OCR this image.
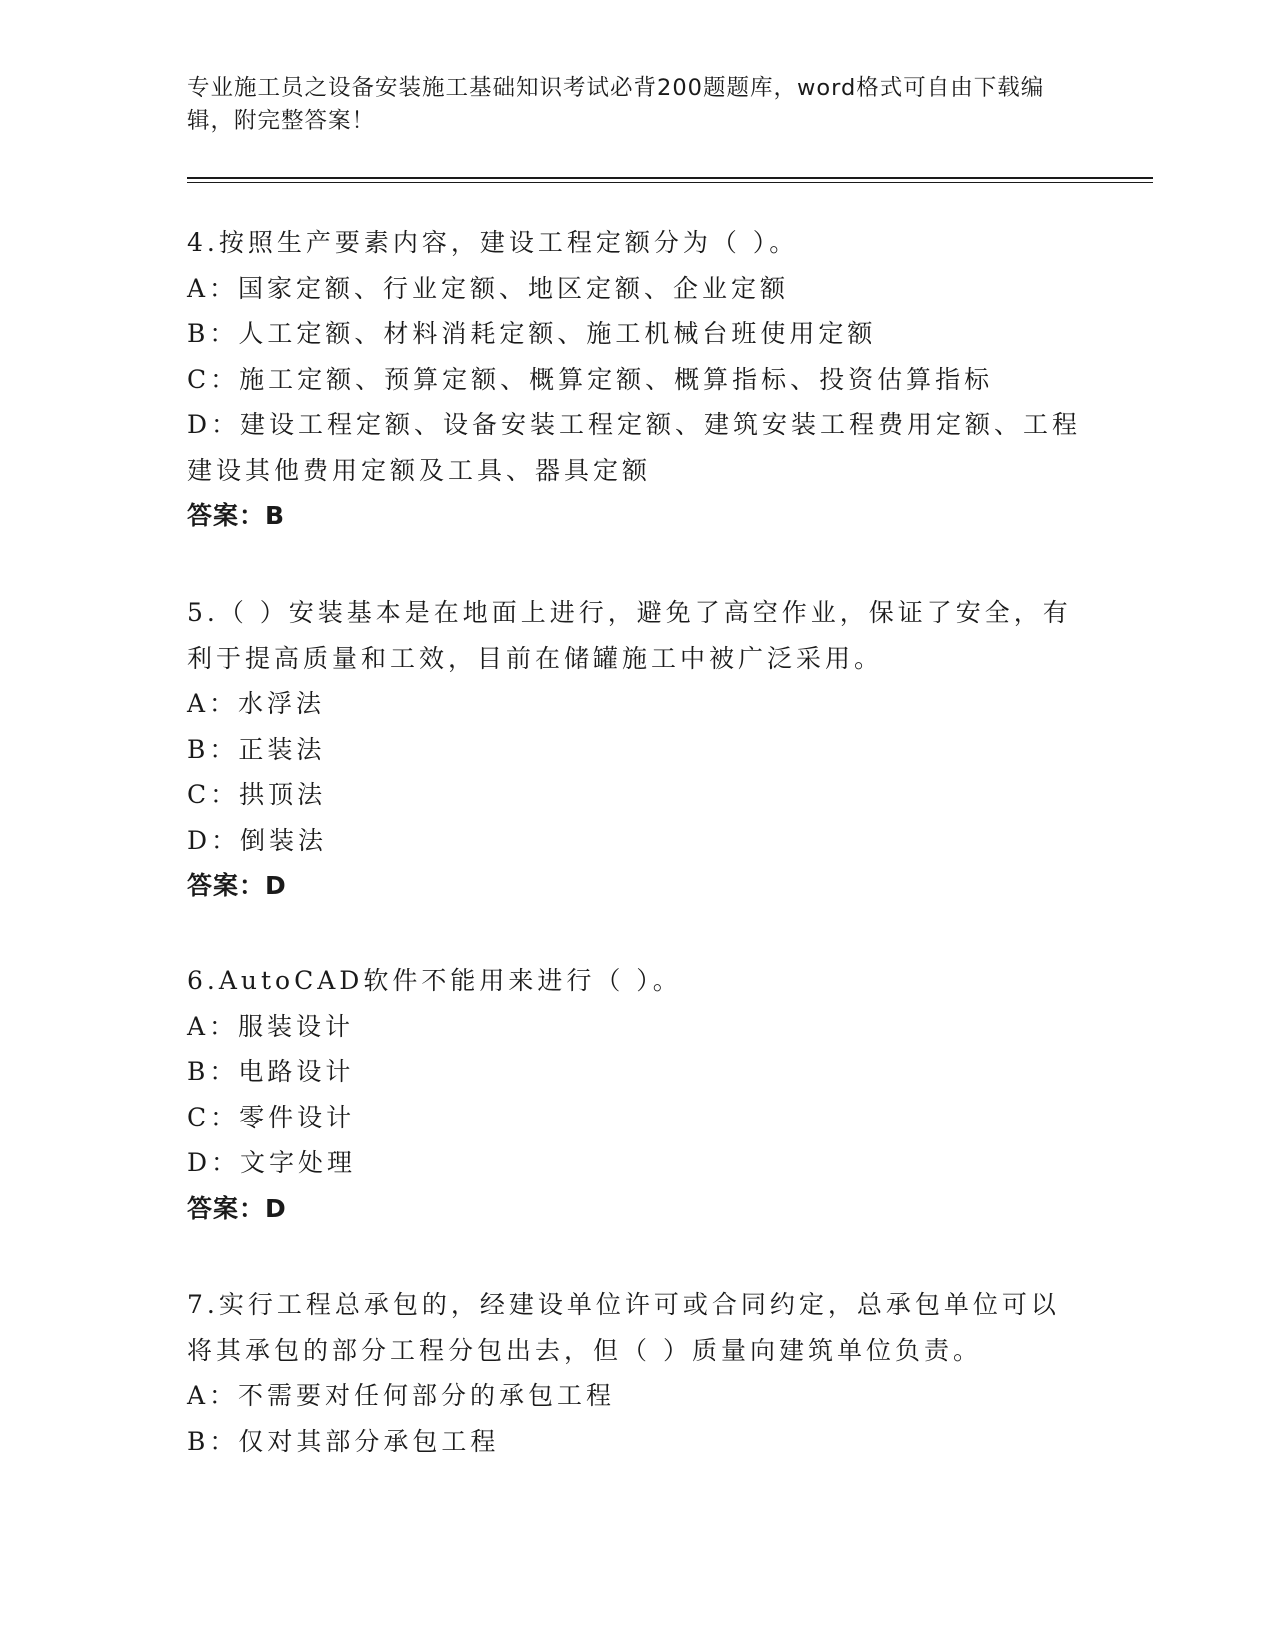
专业施工员之设备安装施工基础知识考试必背200题题库，word格式可自由下载编辑，附完整答案！
4.按照生产要素内容，建设工程定额分为（ ）。
A：国家定额、行业定额、地区定额、企业定额
B：人工定额、材料消耗定额、施工机械台班使用定额
C：施工定额、预算定额、概算定额、概算指标、投资估算指标
D：建设工程定额、设备安装工程定额、建筑安装工程费用定额、工程建设其他费用定额及工具、器具定额
答案：B
5.（ ）安装基本是在地面上进行，避免了高空作业，保证了安全，有利于提高质量和工效，目前在储罐施工中被广泛采用。
A：水浮法
B：正装法
C：拱顶法
D：倒装法
答案：D
6.AutoCAD软件不能用来进行（ ）。
A：服装设计
B：电路设计
C：零件设计
D：文字处理
答案：D
7.实行工程总承包的，经建设单位许可或合同约定，总承包单位可以将其承包的部分工程分包出去，但（ ）质量向建筑单位负责。
A：不需要对任何部分的承包工程
B：仅对其部分承包工程
